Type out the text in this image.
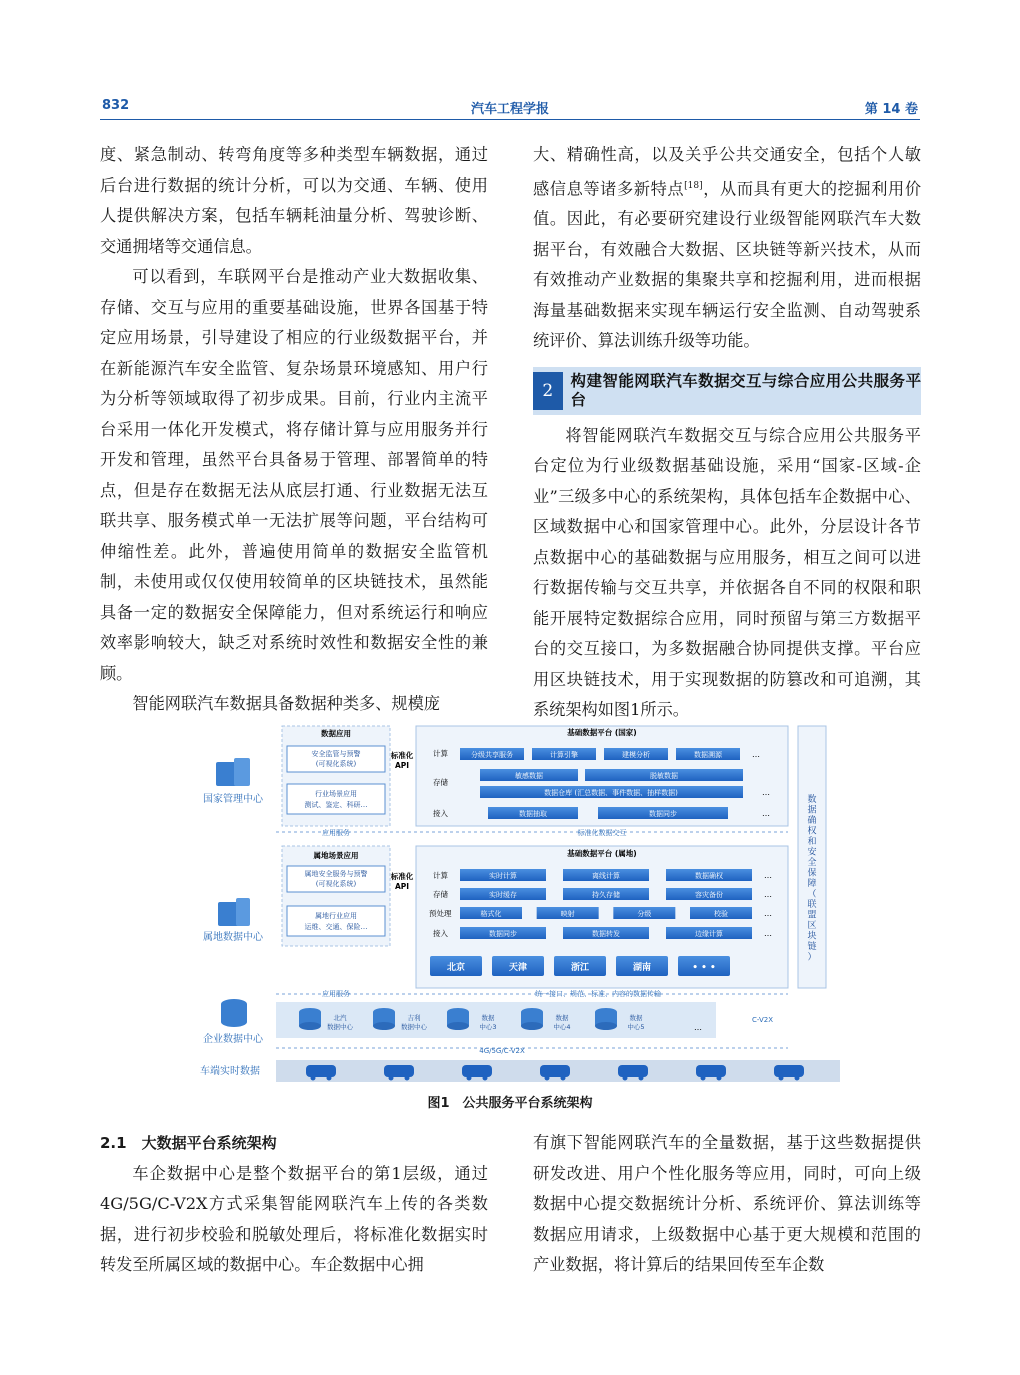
832	汽车工程学报	第 14 卷

度、紧急制动、转弯角度等多种类型车辆数据，通过后台进行数据的统计分析，可以为交通、车辆、使用人提供解决方案，包括车辆耗油量分析、驾驶诊断、交通拥堵等交通信息。

可以看到，车联网平台是推动产业大数据收集、存储、交互与应用的重要基础设施，世界各国基于特定应用场景，引导建设了相应的行业级数据平台，并在新能源汽车安全监管、复杂场景环境感知、用户行为分析等领域取得了初步成果。目前，行业内主流平台采用一体化开发模式，将存储计算与应用服务并行开发和管理，虽然平台具备易于管理、部署简单的特点，但是存在数据无法从底层打通、行业数据无法互联共享、服务模式单一无法扩展等问题，平台结构可伸缩性差。此外，普遍使用简单的数据安全监管机制，未使用或仅仅使用较简单的区块链技术，虽然能具备一定的数据安全保障能力，但对系统运行和响应效率影响较大，缺乏对系统时效性和数据安全性的兼顾。

智能网联汽车数据具备数据种类多、规模庞

大、精确性高，以及关乎公共交通安全，包括个人敏感信息等诸多新特点[18]，从而具有更大的挖掘利用价值。因此，有必要研究建设行业级智能网联汽车大数据平台，有效融合大数据、区块链等新兴技术，从而有效推动产业数据的集聚共享和挖掘利用，进而根据海量基础数据来实现车辆运行安全监测、自动驾驶系统评价、算法训练升级等功能。

2	构建智能网联汽车数据交互与综合应用公共服务平台

将智能网联汽车数据交互与综合应用公共服务平台定位为行业级数据基础设施，采用“国家-区域-企业”三级多中心的系统架构，具体包括车企数据中心、区域数据中心和国家管理中心。此外，分层设计各节点数据中心的基础数据与应用服务，相互之间可以进行数据传输与交互共享，并依据各自不同的权限和职能开展特定数据综合应用，同时预留与第三方数据平台的交互接口，为多数据融合协同提供支撑。平台应用区块链技术，用于实现数据的防篡改和可追溯，其系统架构如图1所示。

国家管理中心
属地数据中心
企业数据中心
数据应用
安全监管与预警
(可视化系统)
行业场景应用
测试、鉴定、科研…
标准化
API
基础数据平台 (国家)
计算
存储
接入
分级共享服务	计算引擎	建模分析	数据溯源	…
敏感数据	脱敏数据
数据仓库 (汇总数据、事件数据、抽样数据)
数据抽取	数据同步
…
…
应用服务	标准化数据交互
属地场景应用
属地安全服务与预警
(可视化系统)
属地行业应用
运维、交通、保险…
标准化
API
基础数据平台 (属地)
计算
存储
预处理
接入
实时计算	离线计算	数据确权	…
实时缓存	持久存储	容灾备份	…
格式化	映射	分级	校验	…
数据同步	数据转发	边缘计算	…
北京	天津	浙江	湖南	• • •
应用服务	统一接口、规范、标准、内容的数据传输
北汽
数据中心
吉利
数据中心
数据
中心3
数据
中心4
数据
中心5	…
C-V2X
4G/5G/C-V2X
车端实时数据
数据确权和安全保障（联盟区块链）
图1　公共服务平台系统架构

2.1　大数据平台系统架构

车企数据中心是整个数据平台的第1层级，通过4G/5G/C-V2X方式采集智能网联汽车上传的各类数据，进行初步校验和脱敏处理后，将标准化数据实时转发至所属区域的数据中心。车企数据中心拥

有旗下智能网联汽车的全量数据，基于这些数据提供研发改进、用户个性化服务等应用，同时，可向上级数据中心提交数据统计分析、系统评价、算法训练等数据应用请求，上级数据中心基于更大规模和范围的产业数据，将计算后的结果回传至车企数
